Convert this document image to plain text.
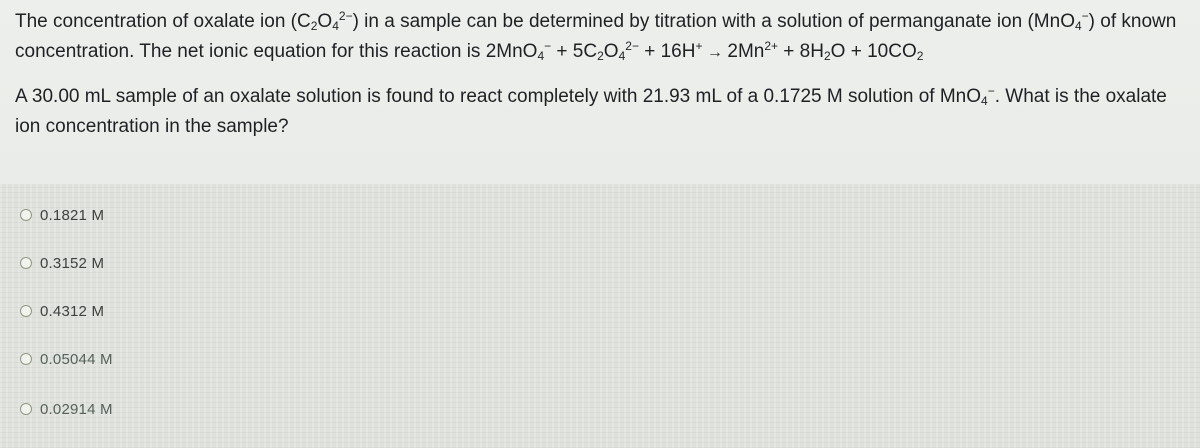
The concentration of oxalate ion $(C_2O_4^{2-})$ in a sample can be determined by titration with a solution of permanganate ion (MnO$_4$−) of known concentration. The net ionic equation for this reaction is $2MnO_4^- + 5C_2O_4^{2-} + 16H^+ \to 2Mn^{2+} + 8H_2O + 10CO_2$

A 30.00 mL sample of an oxalate solution is found to react completely with 21.93 mL of a 0.1725 M solution of MnO$_4$−. What is the oxalate ion concentration in the sample?

0.1821 M
0.3152 M
0.4312 M
0.05044 M
0.02914 M
